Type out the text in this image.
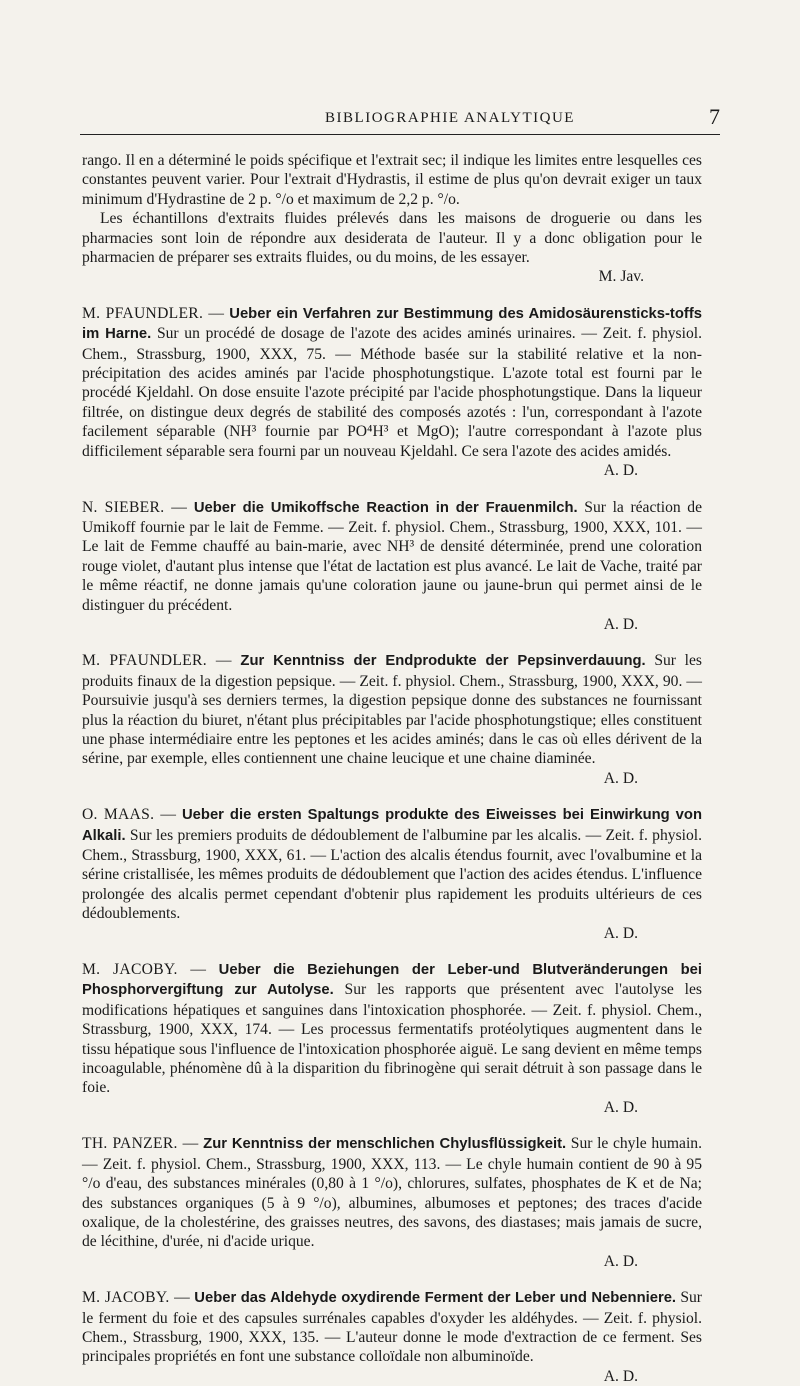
BIBLIOGRAPHIE ANALYTIQUE	7

rango. Il en a déterminé le poids spécifique et l'extrait sec; il indique les limites entre lesquelles ces constantes peuvent varier. Pour l'extrait d'Hydrastis, il estime de plus qu'on devrait exiger un taux minimum d'Hydrastine de 2 p. °/o et maximum de 2,2 p. °/o.

Les échantillons d'extraits fluides prélevés dans les maisons de droguerie ou dans les pharmacies sont loin de répondre aux desiderata de l'auteur. Il y a donc obligation pour le pharmacien de préparer ses extraits fluides, ou du moins, de les essayer.

M. Jav.
M. PFAUNDLER. — Ueber ein Verfahren zur Bestimmung des Amidosäurensticks-toffs im Harne. Sur un procédé de dosage de l'azote des acides aminés urinaires. — Zeit. f. physiol. Chem., Strassburg, 1900, XXX, 75. — Méthode basée sur la stabilité relative et la non-précipitation des acides aminés par l'acide phosphotungstique. L'azote total est fourni par le procédé Kjeldahl. On dose ensuite l'azote précipité par l'acide phosphotungstique. Dans la liqueur filtrée, on distingue deux degrés de stabilité des composés azotés : l'un, correspondant à l'azote facilement séparable (NH³ fournie par PO⁴H³ et MgO); l'autre correspondant à l'azote plus difficilement séparable sera fourni par un nouveau Kjeldahl. Ce sera l'azote des acides amidés.
A. D.
N. SIEBER. — Ueber die Umikoffsche Reaction in der Frauenmilch. Sur la réaction de Umikoff fournie par le lait de Femme. — Zeit. f. physiol. Chem., Strassburg, 1900, XXX, 101. — Le lait de Femme chauffé au bain-marie, avec NH³ de densité déterminée, prend une coloration rouge violet, d'autant plus intense que l'état de lactation est plus avancé. Le lait de Vache, traité par le même réactif, ne donne jamais qu'une coloration jaune ou jaune-brun qui permet ainsi de le distinguer du précédent.
A. D.
M. PFAUNDLER. — Zur Kenntniss der Endprodukte der Pepsinverdauung. Sur les produits finaux de la digestion pepsique. — Zeit. f. physiol. Chem., Strassburg, 1900, XXX, 90. — Poursuivie jusqu'à ses derniers termes, la digestion pepsique donne des substances ne fournissant plus la réaction du biuret, n'étant plus précipitables par l'acide phosphotungstique; elles constituent une phase intermédiaire entre les peptones et les acides aminés; dans le cas où elles dérivent de la sérine, par exemple, elles contiennent une chaine leucique et une chaine diaminée.
A. D.
O. MAAS. — Ueber die ersten Spaltungs produkte des Eiweisses bei Einwirkung von Alkali. Sur les premiers produits de dédoublement de l'albumine par les alcalis. — Zeit. f. physiol. Chem., Strassburg, 1900, XXX, 61. — L'action des alcalis étendus fournit, avec l'ovalbumine et la sérine cristallisée, les mêmes produits de dédoublement que l'action des acides étendus. L'influence prolongée des alcalis permet cependant d'obtenir plus rapidement les produits ultérieurs de ces dédoublements.
A. D.
M. JACOBY. — Ueber die Beziehungen der Leber-und Blutveränderungen bei Phosphorvergiftung zur Autolyse. Sur les rapports que présentent avec l'autolyse les modifications hépatiques et sanguines dans l'intoxication phosphorée. — Zeit. f. physiol. Chem., Strassburg, 1900, XXX, 174. — Les processus fermentatifs protéolytiques augmentent dans le tissu hépatique sous l'influence de l'intoxication phosphorée aiguë. Le sang devient en même temps incoagulable, phénomène dû à la disparition du fibrinogène qui serait détruit à son passage dans le foie.
A. D.
TH. PANZER. — Zur Kenntniss der menschlichen Chylusflüssigkeit. Sur le chyle humain. — Zeit. f. physiol. Chem., Strassburg, 1900, XXX, 113. — Le chyle humain contient de 90 à 95 °/o d'eau, des substances minérales (0,80 à 1 °/o), chlorures, sulfates, phosphates de K et de Na; des substances organiques (5 à 9 °/o), albumines, albumoses et peptones; des traces d'acide oxalique, de la cholestérine, des graisses neutres, des savons, des diastases; mais jamais de sucre, de lécithine, d'urée, ni d'acide urique.
A. D.
M. JACOBY. — Ueber das Aldehyde oxydirende Ferment der Leber und Nebenniere. Sur le ferment du foie et des capsules surrénales capables d'oxyder les aldéhydes. — Zeit. f. physiol. Chem., Strassburg, 1900, XXX, 135. — L'auteur donne le mode d'extraction de ce ferment. Ses principales propriétés en font une substance colloïdale non albuminoïde.
A. D.
